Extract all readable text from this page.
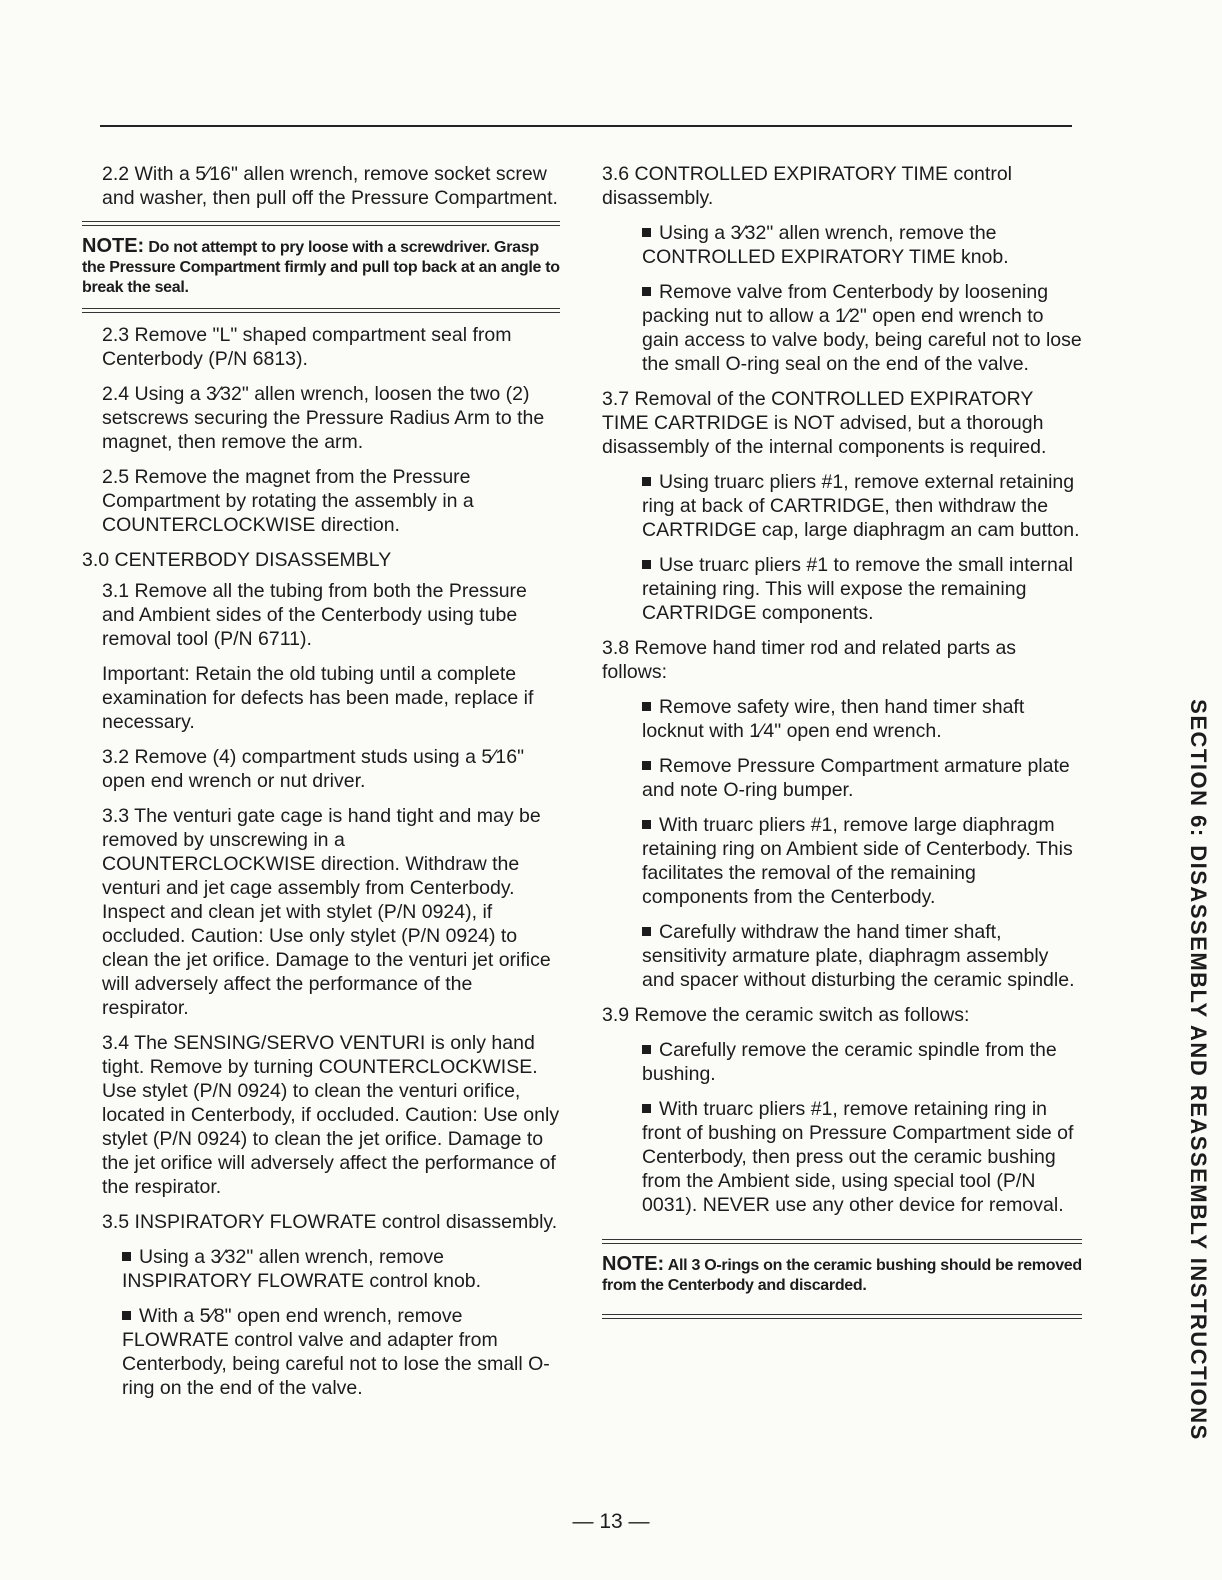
2.2 With a 5⁄16" allen wrench, remove socket screw and washer, then pull off the Pressure Compartment.

NOTE: Do not attempt to pry loose with a screwdriver. Grasp the Pressure Compartment firmly and pull top back at an angle to break the seal.

2.3 Remove "L" shaped compartment seal from Centerbody (P/N 6813).

2.4 Using a 3⁄32" allen wrench, loosen the two (2) setscrews securing the Pressure Radius Arm to the magnet, then remove the arm.

2.5 Remove the magnet from the Pressure Compartment by rotating the assembly in a COUNTERCLOCKWISE direction.

3.0 CENTERBODY DISASSEMBLY

3.1 Remove all the tubing from both the Pressure and Ambient sides of the Centerbody using tube removal tool (P/N 6711).

Important: Retain the old tubing until a complete examination for defects has been made, replace if necessary.

3.2 Remove (4) compartment studs using a 5⁄16" open end wrench or nut driver.

3.3 The venturi gate cage is hand tight and may be removed by unscrewing in a COUNTERCLOCKWISE direction. Withdraw the venturi and jet cage assembly from Centerbody. Inspect and clean jet with stylet (P/N 0924), if occluded. Caution: Use only stylet (P/N 0924) to clean the jet orifice. Damage to the venturi jet orifice will adversely affect the performance of the respirator.

3.4 The SENSING/SERVO VENTURI is only hand tight. Remove by turning COUNTERCLOCKWISE. Use stylet (P/N 0924) to clean the venturi orifice, located in Centerbody, if occluded. Caution: Use only stylet (P/N 0924) to clean the jet orifice. Damage to the jet orifice will adversely affect the performance of the respirator.

3.5 INSPIRATORY FLOWRATE control disassembly.

Using a 3⁄32" allen wrench, remove INSPIRATORY FLOWRATE control knob.

With a 5⁄8" open end wrench, remove FLOWRATE control valve and adapter from Centerbody, being careful not to lose the small O-ring on the end of the valve.

3.6 CONTROLLED EXPIRATORY TIME control disassembly.

Using a 3⁄32" allen wrench, remove the CONTROLLED EXPIRATORY TIME knob.

Remove valve from Centerbody by loosening packing nut to allow a 1⁄2" open end wrench to gain access to valve body, being careful not to lose the small O-ring seal on the end of the valve.

3.7 Removal of the CONTROLLED EXPIRATORY TIME CARTRIDGE is NOT advised, but a thorough disassembly of the internal components is required.

Using truarc pliers #1, remove external retaining ring at back of CARTRIDGE, then withdraw the CARTRIDGE cap, large diaphragm an cam button.

Use truarc pliers #1 to remove the small internal retaining ring. This will expose the remaining CARTRIDGE components.

3.8 Remove hand timer rod and related parts as follows:

Remove safety wire, then hand timer shaft locknut with 1⁄4" open end wrench.

Remove Pressure Compartment armature plate and note O-ring bumper.

With truarc pliers #1, remove large diaphragm retaining ring on Ambient side of Centerbody. This facilitates the removal of the remaining components from the Centerbody.

Carefully withdraw the hand timer shaft, sensitivity armature plate, diaphragm assembly and spacer without disturbing the ceramic spindle.

3.9 Remove the ceramic switch as follows:

Carefully remove the ceramic spindle from the bushing.

With truarc pliers #1, remove retaining ring in front of bushing on Pressure Compartment side of Centerbody, then press out the ceramic bushing from the Ambient side, using special tool (P/N 0031). NEVER use any other device for removal.

NOTE: All 3 O-rings on the ceramic bushing should be removed from the Centerbody and discarded.	SECTION 6: DISASSEMBLY AND REASSEMBLY INSTRUCTIONS
— 13 —
